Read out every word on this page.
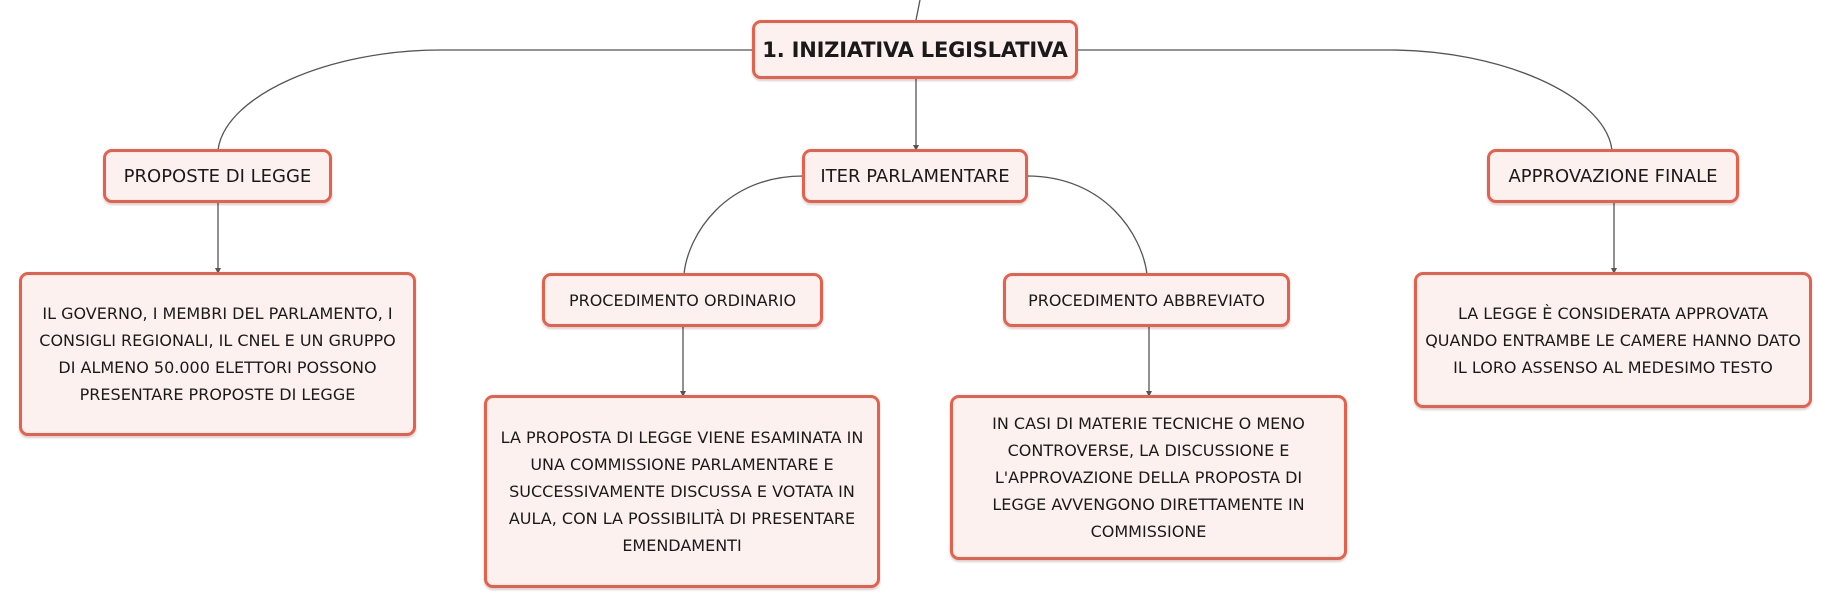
1. INIZIATIVA LEGISLATIVA
PROPOSTE DI LEGGE	ITER PARLAMENTARE	APPROVAZIONE FINALE
PROCEDIMENTO ORDINARIO	PROCEDIMENTO ABBREVIATO
IL GOVERNO, I MEMBRI DEL PARLAMENTO, I CONSIGLI REGIONALI, IL CNEL E UN GRUPPO DI ALMENO 50.000 ELETTORI POSSONO PRESENTARE PROPOSTE DI LEGGE
LA PROPOSTA DI LEGGE VIENE ESAMINATA IN UNA COMMISSIONE PARLAMENTARE E SUCCESSIVAMENTE DISCUSSA E VOTATA IN AULA, CON LA POSSIBILITÀ DI PRESENTARE EMENDAMENTI
IN CASI DI MATERIE TECNICHE O MENO CONTROVERSE, LA DISCUSSIONE E L'APPROVAZIONE DELLA PROPOSTA DI LEGGE AVVENGONO DIRETTAMENTE IN COMMISSIONE
LA LEGGE È CONSIDERATA APPROVATA QUANDO ENTRAMBE LE CAMERE HANNO DATO IL LORO ASSENSO AL MEDESIMO TESTO
